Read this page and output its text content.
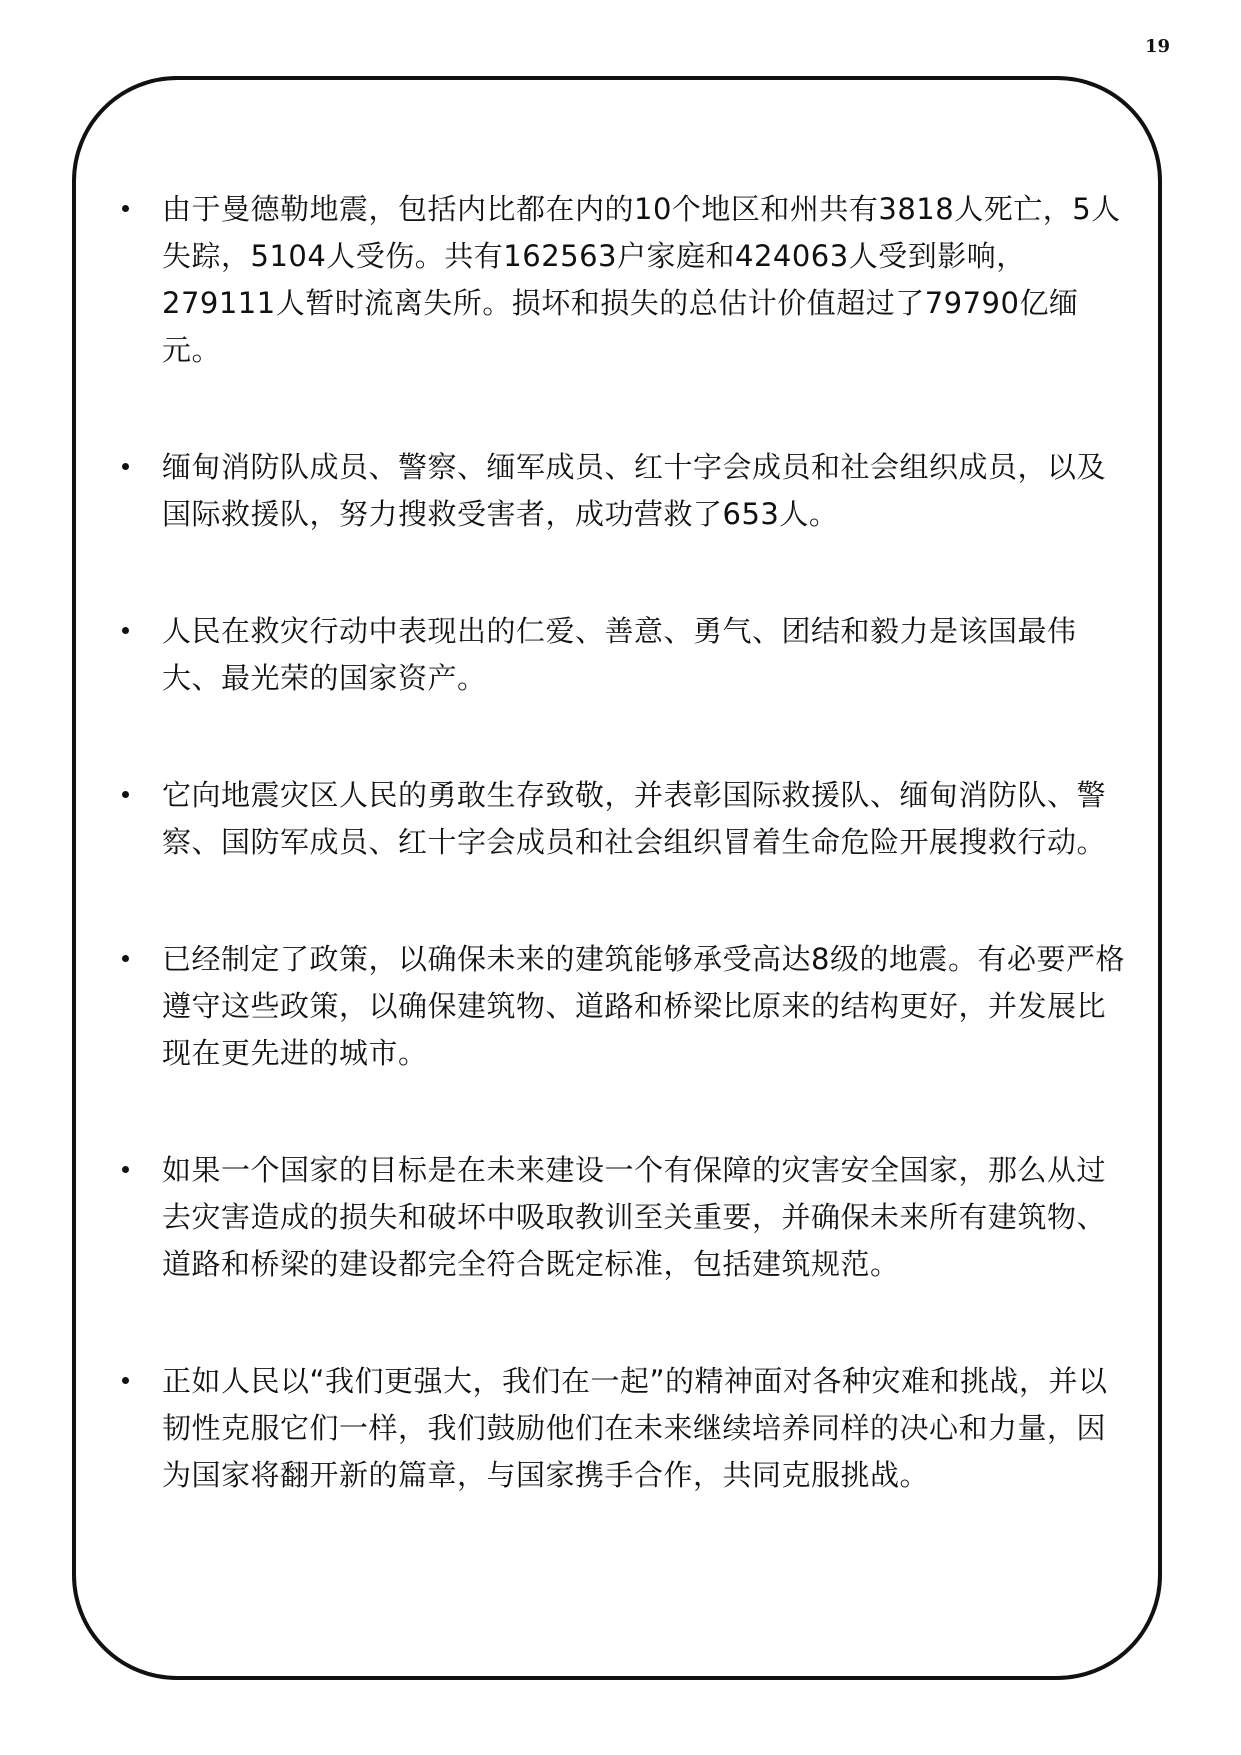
19
由于曼德勒地震，包括内比都在内的10个地区和州共有3818人死亡，5人失踪，5104人受伤。共有162563户家庭和424063人受到影响，279111人暂时流离失所。损坏和损失的总估计价值超过了79790亿缅元。
缅甸消防队成员、警察、缅军成员、红十字会成员和社会组织成员，以及国际救援队，努力搜救受害者，成功营救了653人。
人民在救灾行动中表现出的仁爱、善意、勇气、团结和毅力是该国最伟大、最光荣的国家资产。
它向地震灾区人民的勇敢生存致敬，并表彰国际救援队、缅甸消防队、警察、国防军成员、红十字会成员和社会组织冒着生命危险开展搜救行动。
已经制定了政策，以确保未来的建筑能够承受高达8级的地震。有必要严格遵守这些政策，以确保建筑物、道路和桥梁比原来的结构更好，并发展比现在更先进的城市。
如果一个国家的目标是在未来建设一个有保障的灾害安全国家，那么从过去灾害造成的损失和破坏中吸取教训至关重要，并确保未来所有建筑物、道路和桥梁的建设都完全符合既定标准，包括建筑规范。
正如人民以“我们更强大，我们在一起”的精神面对各种灾难和挑战，并以韧性克服它们一样，我们鼓励他们在未来继续培养同样的决心和力量，因为国家将翻开新的篇章，与国家携手合作，共同克服挑战。
